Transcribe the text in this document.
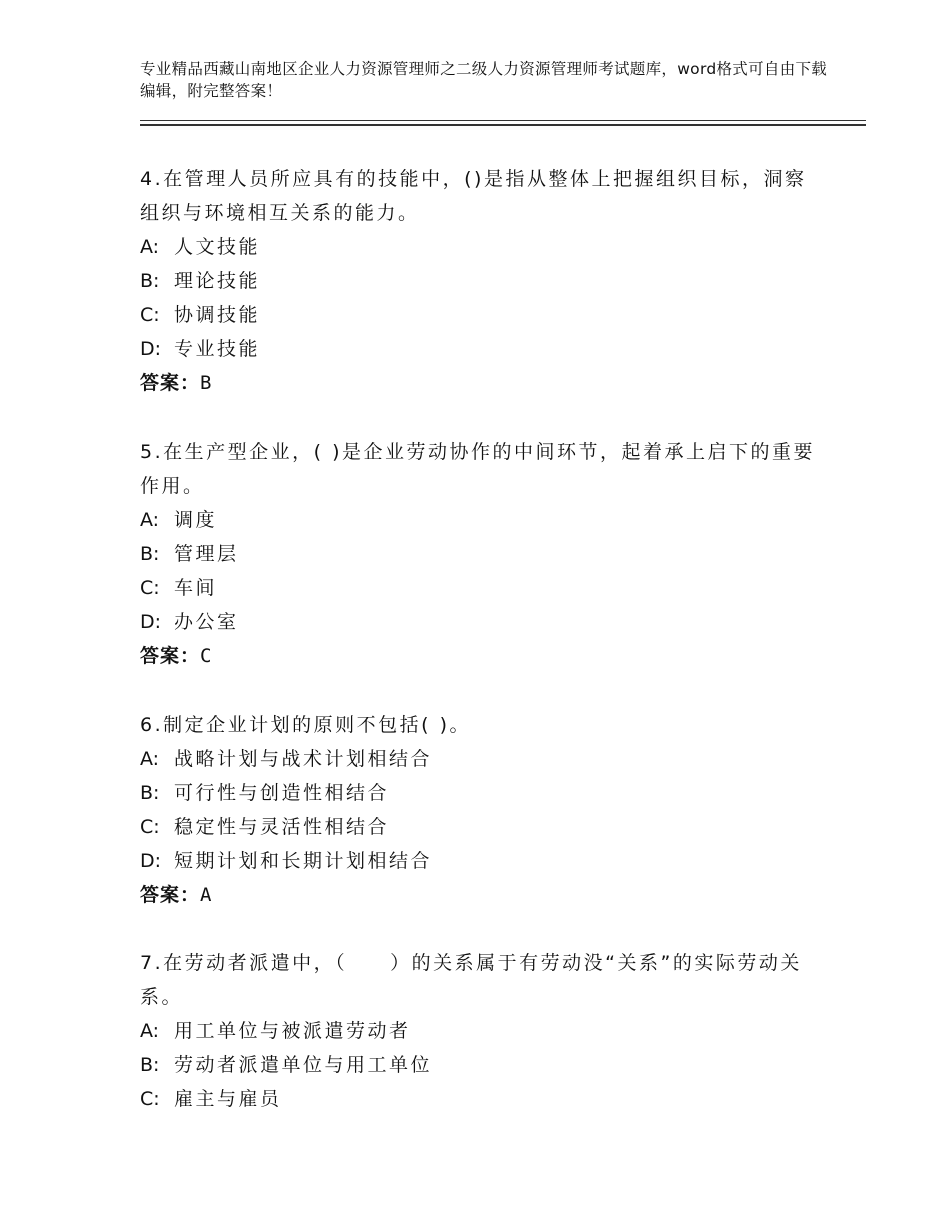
专业精品西藏山南地区企业人力资源管理师之二级人力资源管理师考试题库，word格式可自由下载编辑，附完整答案！
4.在管理人员所应具有的技能中，()是指从整体上把握组织目标，洞察组织与环境相互关系的能力。
A: 人文技能
B: 理论技能
C: 协调技能
D: 专业技能
答案：B
5.在生产型企业，( )是企业劳动协作的中间环节，起着承上启下的重要作用。
A: 调度
B: 管理层
C: 车间
D: 办公室
答案：C
6.制定企业计划的原则不包括( )。
A: 战略计划与战术计划相结合
B: 可行性与创造性相结合
C: 稳定性与灵活性相结合
D: 短期计划和长期计划相结合
答案：A
7.在劳动者派遣中，（　　）的关系属于有劳动没“关系”的实际劳动关系。
A: 用工单位与被派遣劳动者
B: 劳动者派遣单位与用工单位
C: 雇主与雇员
